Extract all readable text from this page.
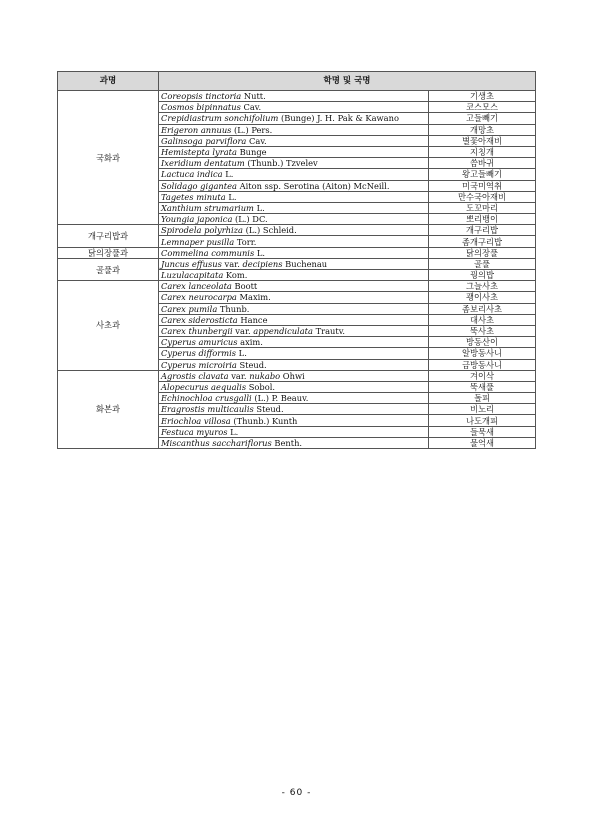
과명	학명 및 국명	
국화과	Coreopsis tinctoria Nutt.	기생초
	Cosmos bipinnatus Cav.	코스모스
	Crepidiastrum sonchifolium (Bunge) J. H. Pak & Kawano	고들빼기
	Erigeron annuus (L.) Pers.	개망초
	Galinsoga parviflora Cav.	별꽃아재비
	Hemistepta lyrata Bunge	지칭개
	Ixeridium dentatum (Thunb.) Tzvelev	씀바귀
	Lactuca indica L.	왕고들빼기
	Solidago gigantea Aiton ssp. Serotina (Aiton) McNeill.	미국미역취
	Tagetes minuta L.	만수국아재비
	Xanthium strumarium L.	도꼬마리
	Youngia japonica (L.) DC.	뽀리뱅이
개구리밥과	Spirodela polyrhiza (L.) Schleid.	개구리밥
	Lemnaper pusilla Torr.	좀개구리밥
닭의장풀과	Commelina communis L.	닭의장풀
골풀과	Juncus effusus var. decipiens Buchenau	골풀
	Luzulacapitata Kom.	꿩의밥
사초과	Carex lanceolata Boott	그늘사초
	Carex neurocarpa Maxim.	괭이사초
	Carex pumila Thunb.	좀보리사초
	Carex siderosticta Hance	대사초
	Carex thunbergii var. appendiculata Trautv.	뚝사초
	Cyperus amuricus axim.	방동산이
	Cyperus difformis L.	알방동사니
	Cyperus microiria Steud.	금방동사니
화본과	Agrostis clavata var. nukabo Ohwi	겨이삭
	Alopecurus aequalis Sobol.	뚝새풀
	Echinochloa crusgalli (L.) P. Beauv.	돌피
	Eragrostis multicaulis Steud.	비노리
	Eriochloa villosa (Thunb.) Kunth	나도개피
	Festuca myuros L.	들묵새
	Miscanthus sacchariflorus Benth.	물억새
- 60 -
